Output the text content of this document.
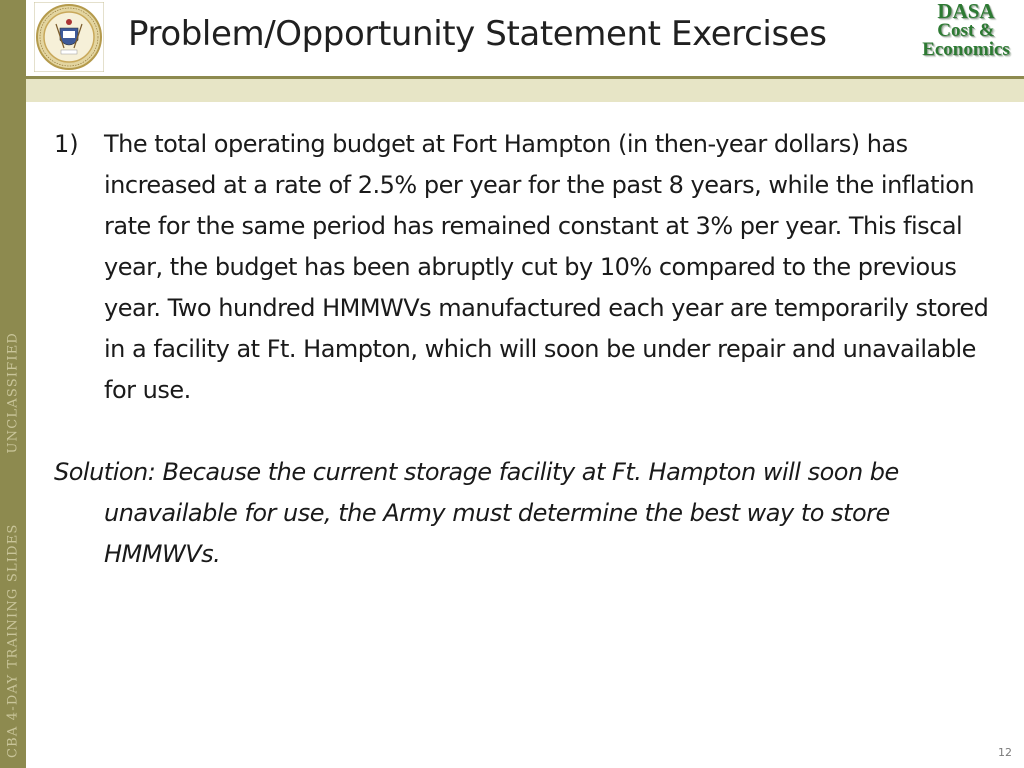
CBA 4-DAY TRAINING SLIDESUNCLASSIFIED
Problem/Opportunity Statement Exercises
DASA
Cost &
Economics
1)	The total operating budget at Fort Hampton (in then-year dollars) has increased at a rate of 2.5% per year for the past 8 years, while the inflation rate for the same period has remained constant at 3% per year. This fiscal year, the budget has been abruptly cut by 10% compared to the previous year. Two hundred HMMWVs manufactured each year are temporarily stored in a facility at Ft. Hampton, which will soon be under repair and unavailable for use.
Solution: Because the current storage facility at Ft. Hampton will soon be unavailable for use, the Army must determine the best way to store HMMWVs.
12
